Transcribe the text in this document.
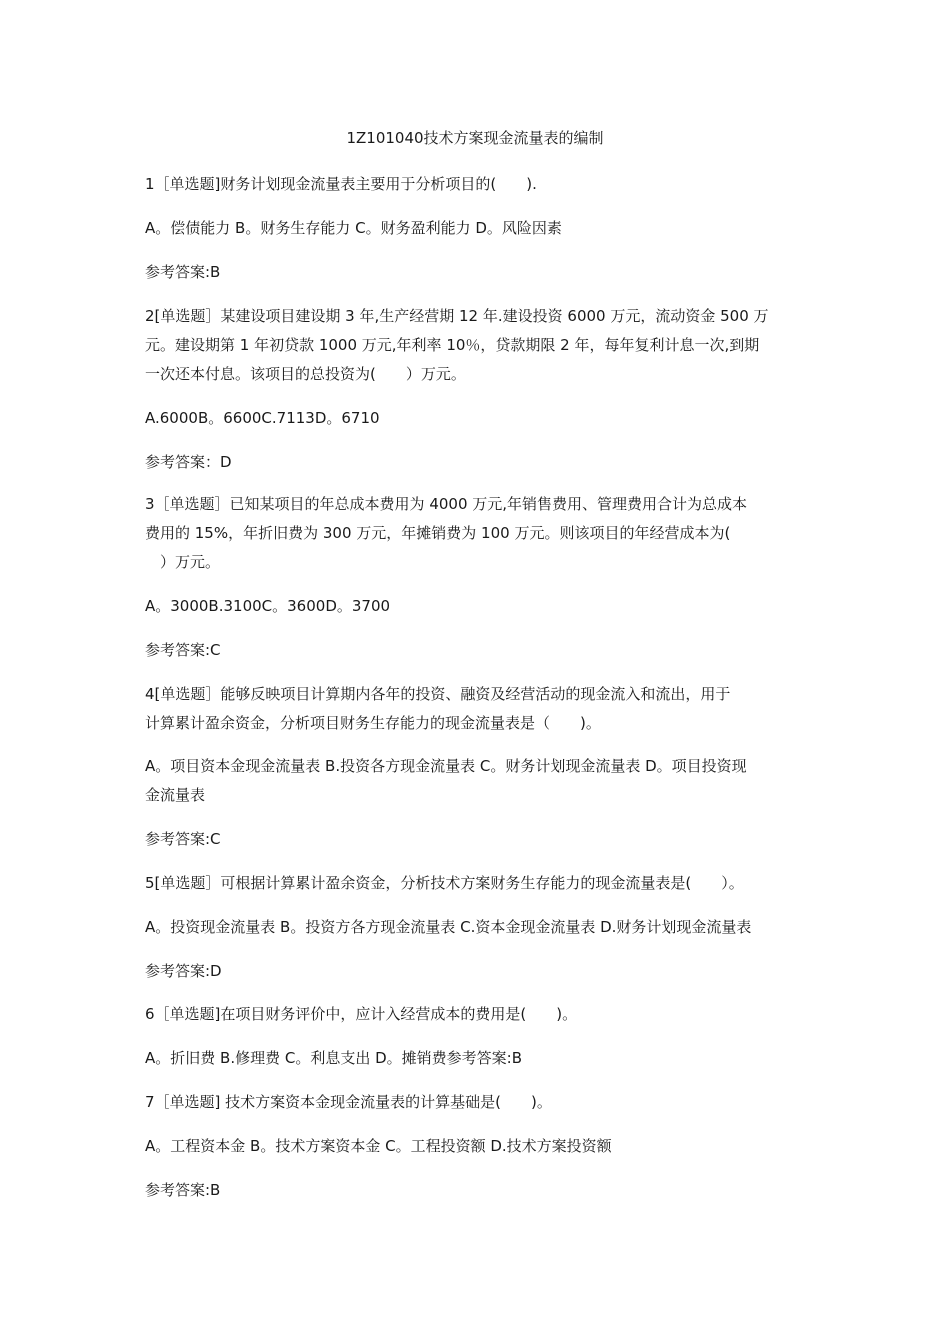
1Z101040技术方案现金流量表的编制
1［单选题]财务计划现金流量表主要用于分析项目的(　　).
A。偿债能力 B。财务生存能力 C。财务盈利能力 D。风险因素
参考答案:B
2[单选题］某建设项目建设期 3 年,生产经营期 12 年.建设投资 6000 万元，流动资金 500 万
元。建设期第 1 年初贷款 1000 万元,年利率 10％，贷款期限 2 年，每年复利计息一次,到期
一次还本付息。该项目的总投资为(　　）万元。
A.6000B。6600C.7113D。6710
参考答案：D
3［单选题］已知某项目的年总成本费用为 4000 万元,年销售费用、管理费用合计为总成本
费用的 15%，年折旧费为 300 万元，年摊销费为 100 万元。则该项目的年经营成本为(
　）万元。
A。3000B.3100C。3600D。3700
参考答案:C
4[单选题］能够反映项目计算期内各年的投资、融资及经营活动的现金流入和流出，用于
计算累计盈余资金，分析项目财务生存能力的现金流量表是（　　)。
A。项目资本金现金流量表 B.投资各方现金流量表 C。财务计划现金流量表 D。项目投资现
金流量表
参考答案:C
5[单选题］可根据计算累计盈余资金，分析技术方案财务生存能力的现金流量表是(　　）。
A。投资现金流量表 B。投资方各方现金流量表 C.资本金现金流量表 D.财务计划现金流量表
参考答案:D
6［单选题]在项目财务评价中，应计入经营成本的费用是(　　)。
A。折旧费 B.修理费 C。利息支出 D。摊销费参考答案:B
7［单选题] 技术方案资本金现金流量表的计算基础是(　　)。
A。工程资本金 B。技术方案资本金 C。工程投资额 D.技术方案投资额
参考答案:B
